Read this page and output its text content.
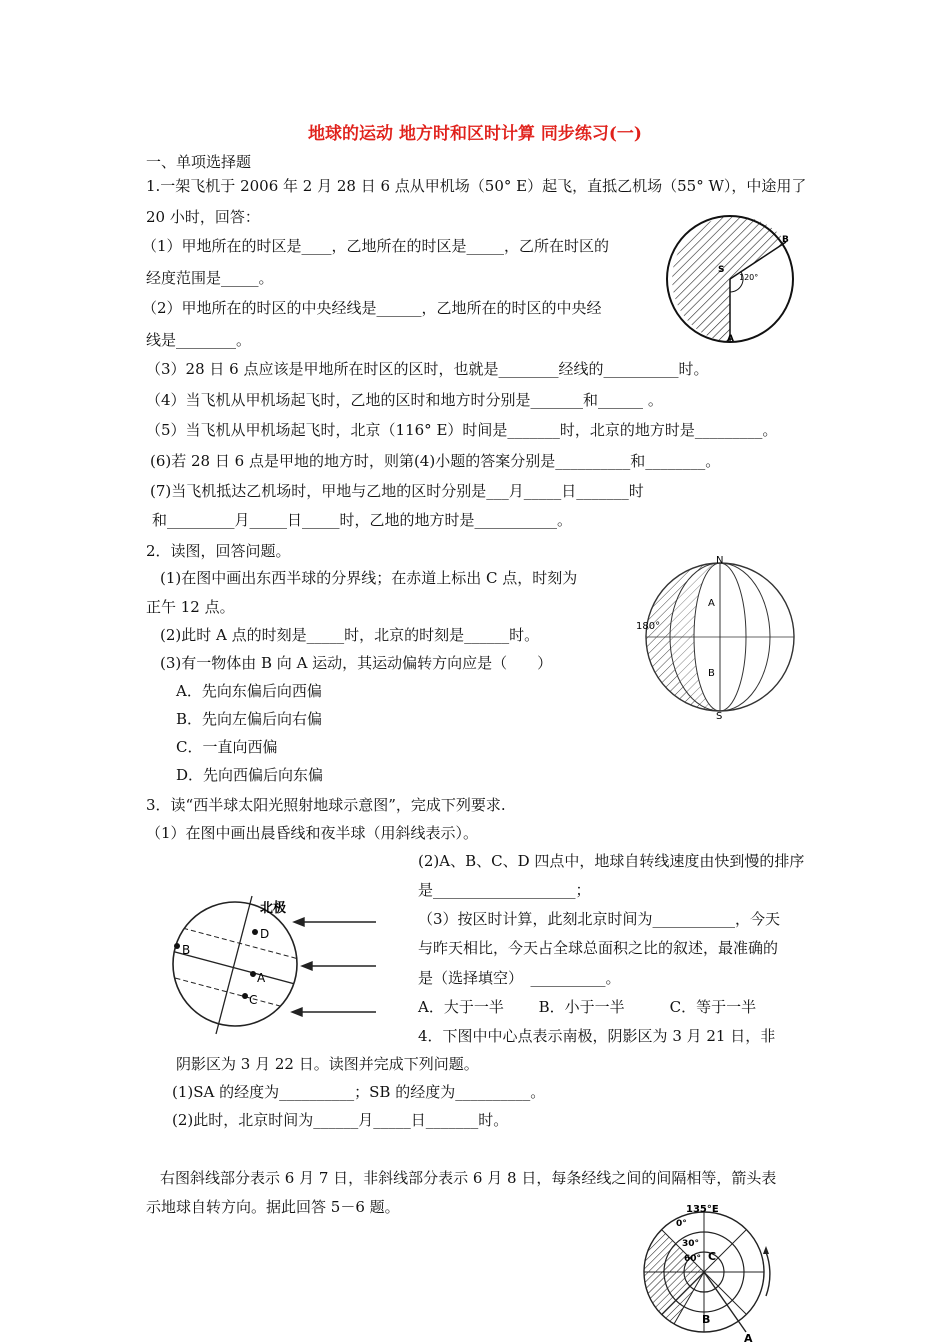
地球的运动 地方时和区时计算 同步练习(一)
一、单项选择题
1.一架飞机于 2006 年 2 月 28 日 6 点从甲机场（50° E）起飞，直抵乙机场（55° W），中途用了
20 小时，回答：
（1）甲地所在的时区是____，乙地所在的时区是_____，乙所在时区的
经度范围是_____。
（2）甲地所在的时区的中央经线是______，乙地所在的时区的中央经
线是________。
（3）28 日 6 点应该是甲地所在时区的区时，也就是________经线的__________时。
（4）当飞机从甲机场起飞时，乙地的区时和地方时分别是_______和______ 。
（5）当飞机从甲机场起飞时，北京（116° E）时间是_______时，北京的地方时是_________。
(6)若 28 日 6 点是甲地的地方时，则第(4)小题的答案分别是__________和________。
(7)当飞机抵达乙机场时，甲地与乙地的区时分别是___月_____日_______时
和_________月_____日_____时，乙地的地方时是___________。
B
S
120°
A
2．读图，回答问题。
(1)在图中画出东西半球的分界线；在赤道上标出 C 点，时刻为
正午 12 点。
(2)此时 A 点的时刻是_____时，北京的时刻是______时。
(3)有一物体由 B 向 A 运动，其运动偏转方向应是（　　）
A．先向东偏后向西偏
B．先向左偏后向右偏
C．一直向西偏
D．先向西偏后向东偏
N
S
A
B
180°
3．读“西半球太阳光照射地球示意图”，完成下列要求.
（1）在图中画出晨昏线和夜半球（用斜线表示）。
(2)A、B、C、D 四点中，地球自转线速度由快到慢的排序
是___________________；
（3）按区时计算，此刻北京时间为___________，今天
与昨天相比，今天占全球总面积之比的叙述，最准确的
是（选择填空）　__________。
A．大于一半　　 B．小于一半　　　C．等于一半
D
B
A
C
北极
4．下图中中心点表示南极，阴影区为 3 月 21 日，非
阴影区为 3 月 22 日。读图并完成下列问题。
(1)SA 的经度为__________；SB 的经度为__________。
(2)此时，北京时间为______月_____日_______时。
右图斜线部分表示 6 月 7 日，非斜线部分表示 6 月 8 日，每条经线之间的间隔相等，箭头表
示地球自转方向。据此回答 5－6 题。	135°E
0°
30°
60° C
B
A
